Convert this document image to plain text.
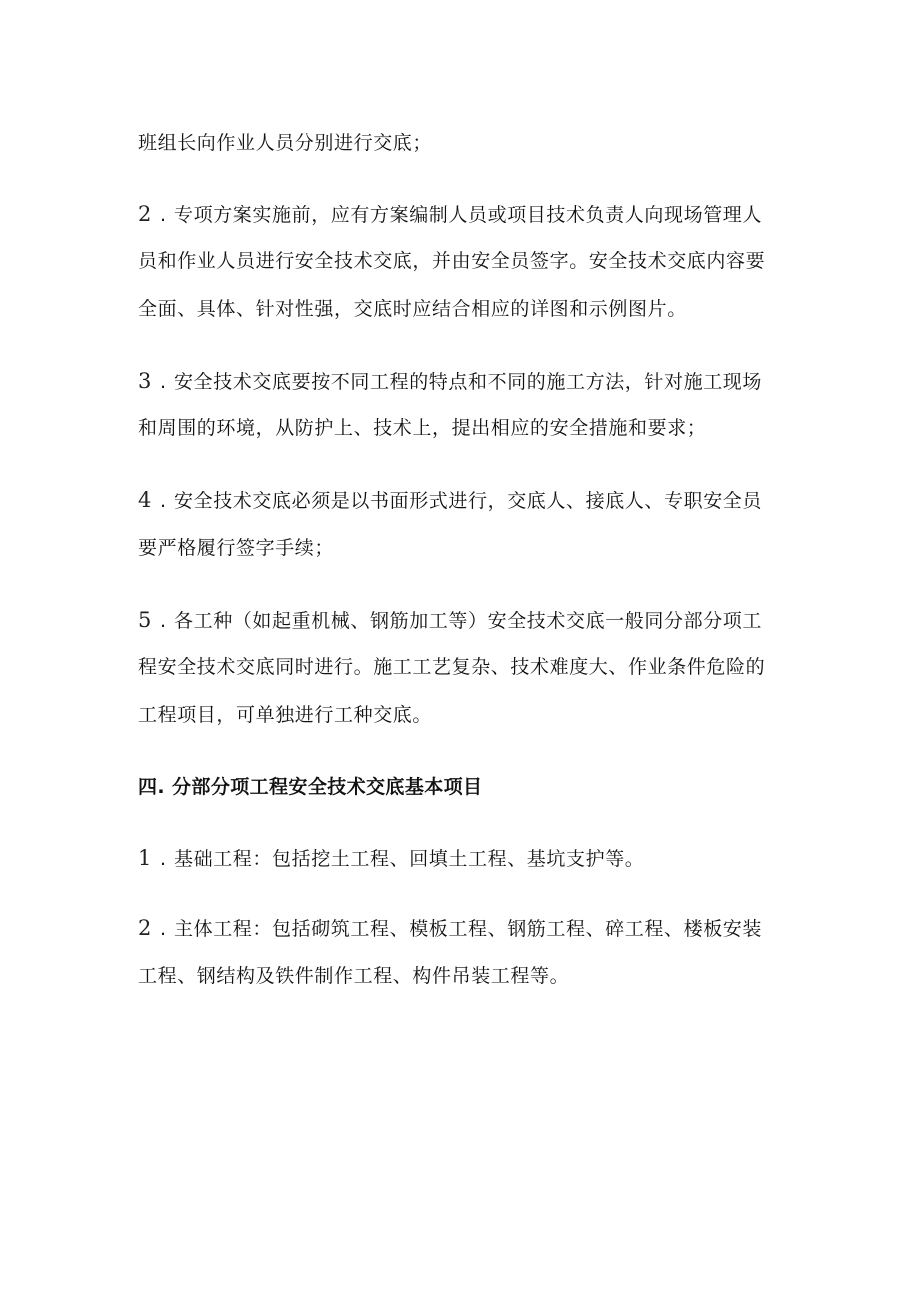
班组长向作业人员分别进行交底；
2 . 专项方案实施前，应有方案编制人员或项目技术负责人向现场管理人
员和作业人员进行安全技术交底，并由安全员签字。安全技术交底内容要
全面、具体、针对性强，交底时应结合相应的详图和示例图片。
3 . 安全技术交底要按不同工程的特点和不同的施工方法，针对施工现场
和周围的环境，从防护上、技术上，提出相应的安全措施和要求；
4 . 安全技术交底必须是以书面形式进行，交底人、接底人、专职安全员
要严格履行签字手续；
5 . 各工种（如起重机械、钢筋加工等）安全技术交底一般同分部分项工
程安全技术交底同时进行。施工工艺复杂、技术难度大、作业条件危险的
工程项目，可单独进行工种交底。
四. 分部分项工程安全技术交底基本项目
1 . 基础工程：包括挖土工程、回填土工程、基坑支护等。
2 . 主体工程：包括砌筑工程、模板工程、钢筋工程、碎工程、楼板安装
工程、钢结构及铁件制作工程、构件吊装工程等。
